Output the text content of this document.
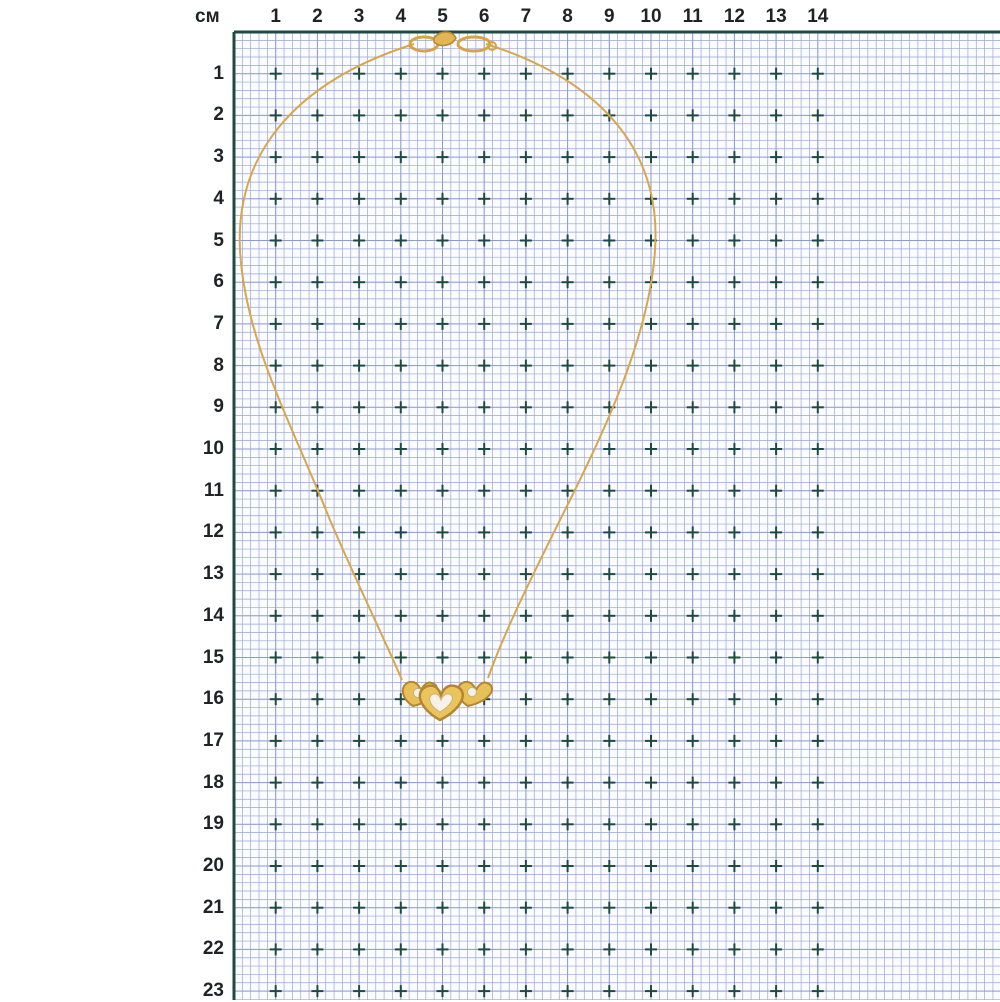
см	1	2	3	4	5	6	7	8	9	10	11	12	13	14
1
2
3
4
5
6
7
8
9
10
11
12
13
14
15
16
17
18
19
20
21
22
23
